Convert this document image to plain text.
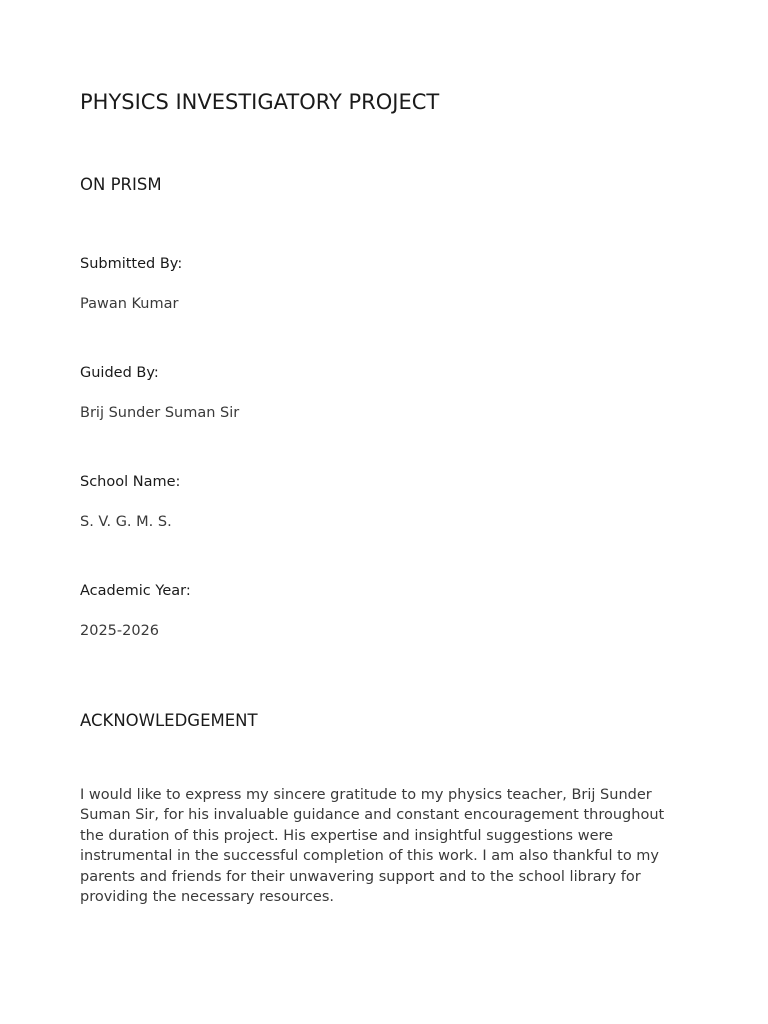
PHYSICS INVESTIGATORY PROJECT
ON PRISM
Submitted By:
Pawan Kumar
Guided By:
Brij Sunder Suman Sir
School Name:
S. V. G. M. S.
Academic Year:
2025-2026
ACKNOWLEDGEMENT
I would like to express my sincere gratitude to my physics teacher, Brij Sunder Suman Sir, for his invaluable guidance and constant encouragement throughout the duration of this project. His expertise and insightful suggestions were instrumental in the successful completion of this work. I am also thankful to my parents and friends for their unwavering support and to the school library for providing the necessary resources.
